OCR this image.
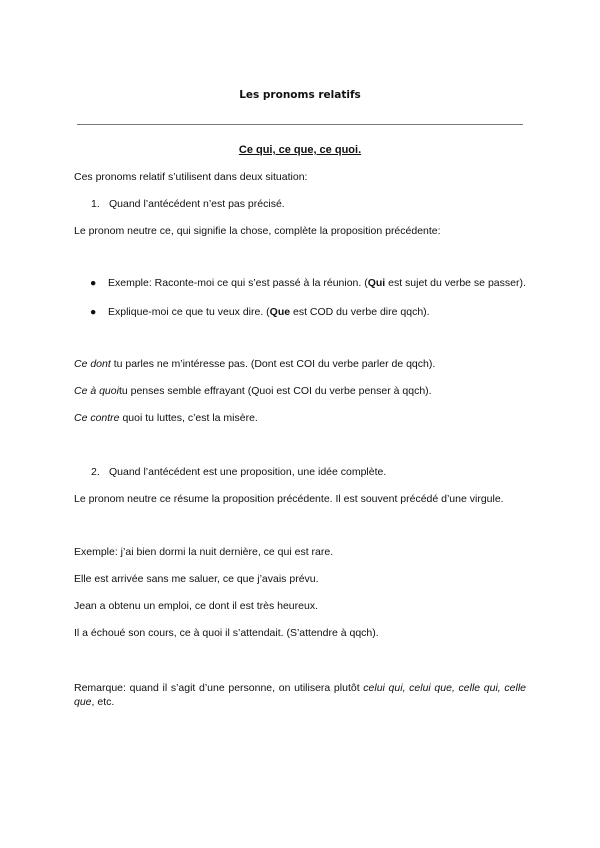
Les pronoms relatifs
Ce qui, ce que, ce quoi.

Ces pronoms relatif s’utilisent dans deux situation:

1. Quand l’antécédent n’est pas précisé.

Le pronom neutre ce, qui signifie la chose, complète la proposition précédente:

● Exemple: Raconte-moi ce qui s’est passé à la réunion. (Qui est sujet du verbe se passer).
● Explique-moi ce que tu veux dire. (Que est COD du verbe dire qqch).

Ce dont tu parles ne m’intéresse pas. (Dont est COI du verbe parler de qqch).

Ce à quoitu penses semble effrayant (Quoi est COI du verbe penser à qqch).

Ce contre quoi tu luttes, c’est la misère.

2. Quand l’antécédent est une proposition, une idée complète.

Le pronom neutre ce résume la proposition précédente. Il est souvent précédé d’une virgule.

Exemple: j’ai bien dormi la nuit dernière, ce qui est rare.

Elle est arrivée sans me saluer, ce que j’avais prévu.

Jean a obtenu un emploi, ce dont il est très heureux.

Il a échoué son cours, ce à quoi il s’attendait. (S’attendre à qqch).

Remarque: quand il s’agit d’une personne, on utilisera plutôt celui qui, celui que, celle qui, celle que, etc.
